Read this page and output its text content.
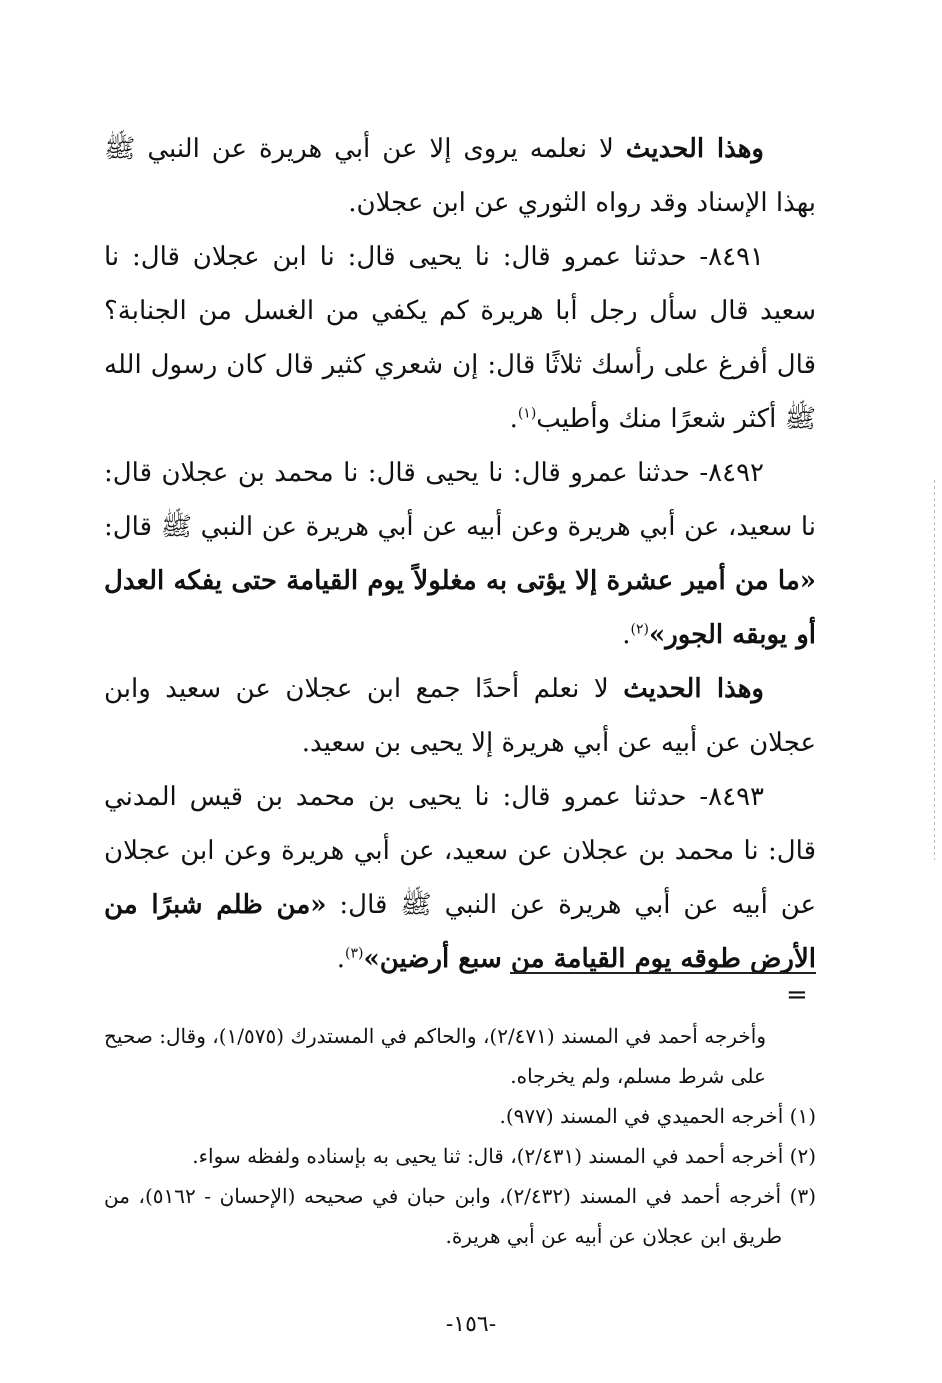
وهذا الحديث لا نعلمه يروى إلا عن أبي هريرة عن النبي ﷺ بهذا الإسناد وقد رواه الثوري عن ابن عجلان.

٨٤٩١- حدثنا عمرو قال: نا يحيى قال: نا ابن عجلان قال: نا سعيد قال سأل رجل أبا هريرة كم يكفي من الغسل من الجنابة؟ قال أفرغ على رأسك ثلاثًا قال: إن شعري كثير قال كان رسول الله ﷺ أكثر شعرًا منك وأطيب$^{(١)}$.

٨٤٩٢- حدثنا عمرو قال: نا يحيى قال: نا محمد بن عجلان قال: نا سعيد، عن أبي هريرة وعن أبيه عن أبي هريرة عن النبي ﷺ قال: «ما من أمير عشرة إلا يؤتى به مغلولاً يوم القيامة حتى يفكه العدل أو يوبقه الجور»$^{(٢)}$.

وهذا الحديث لا نعلم أحدًا جمع ابن عجلان عن سعيد وابن عجلان عن أبيه عن أبي هريرة إلا يحيى بن سعيد.

٨٤٩٣- حدثنا عمرو قال: نا يحيى بن محمد بن قيس المدني قال: نا محمد بن عجلان عن سعيد، عن أبي هريرة وعن ابن عجلان عن أبيه عن أبي هريرة عن النبي ﷺ قال: «من ظلم شبرًا من الأرض طوقه يوم القيامة من سبع أرضين»$^{(٣)}$.

=

وأخرجه أحمد في المسند (٢/٤٧١)، والحاكم في المستدرك (١/٥٧٥)، وقال: صحيح على شرط مسلم، ولم يخرجاه.

(١) أخرجه الحميدي في المسند (٩٧٧).

(٢) أخرجه أحمد في المسند (٢/٤٣١)، قال: ثنا يحيى به بإسناده ولفظه سواء.

(٣) أخرجه أحمد في المسند (٢/٤٣٢)، وابن حبان في صحيحه (الإحسان - ٥١٦٢)، من طريق ابن عجلان عن أبيه عن أبي هريرة.

-١٥٦-
